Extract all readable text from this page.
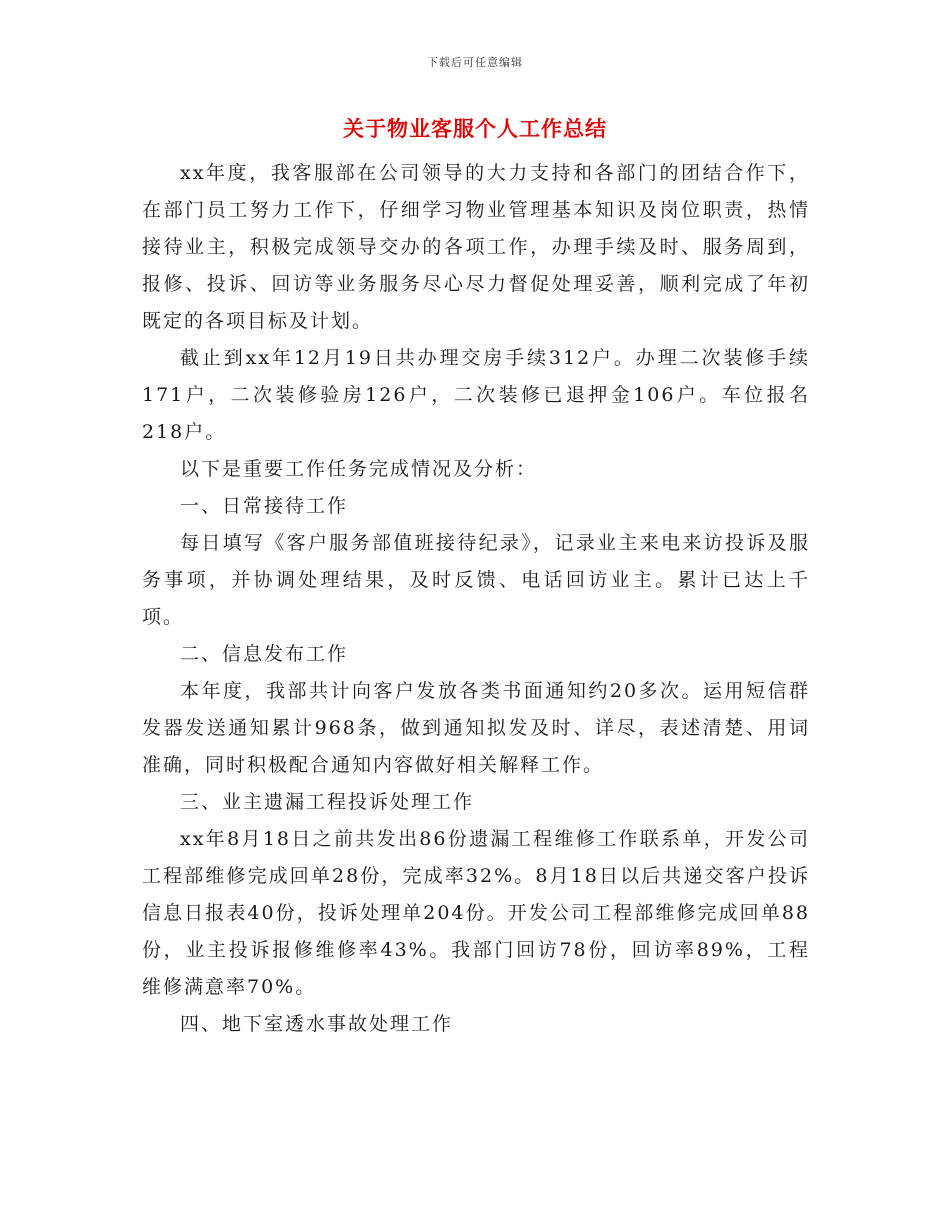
下载后可任意编辑
关于物业客服个人工作总结

xx年度，我客服部在公司领导的大力支持和各部门的团结合作下，在部门员工努力工作下，仔细学习物业管理基本知识及岗位职责，热情接待业主，积极完成领导交办的各项工作，办理手续及时、服务周到，报修、投诉、回访等业务服务尽心尽力督促处理妥善，顺利完成了年初既定的各项目标及计划。

截止到xx年12月19日共办理交房手续312户。办理二次装修手续171户，二次装修验房126户，二次装修已退押金106户。车位报名218户。

以下是重要工作任务完成情况及分析：

一、日常接待工作

每日填写《客户服务部值班接待纪录》，记录业主来电来访投诉及服务事项，并协调处理结果，及时反馈、电话回访业主。累计已达上千项。

二、信息发布工作

本年度，我部共计向客户发放各类书面通知约20多次。运用短信群发器发送通知累计968条，做到通知拟发及时、详尽，表述清楚、用词准确，同时积极配合通知内容做好相关解释工作。

三、业主遗漏工程投诉处理工作

xx年8月18日之前共发出86份遗漏工程维修工作联系单，开发公司工程部维修完成回单28份，完成率32%。8月18日以后共递交客户投诉信息日报表40份，投诉处理单204份。开发公司工程部维修完成回单88份，业主投诉报修维修率43%。我部门回访78份，回访率89%，工程维修满意率70%。

四、地下室透水事故处理工作
